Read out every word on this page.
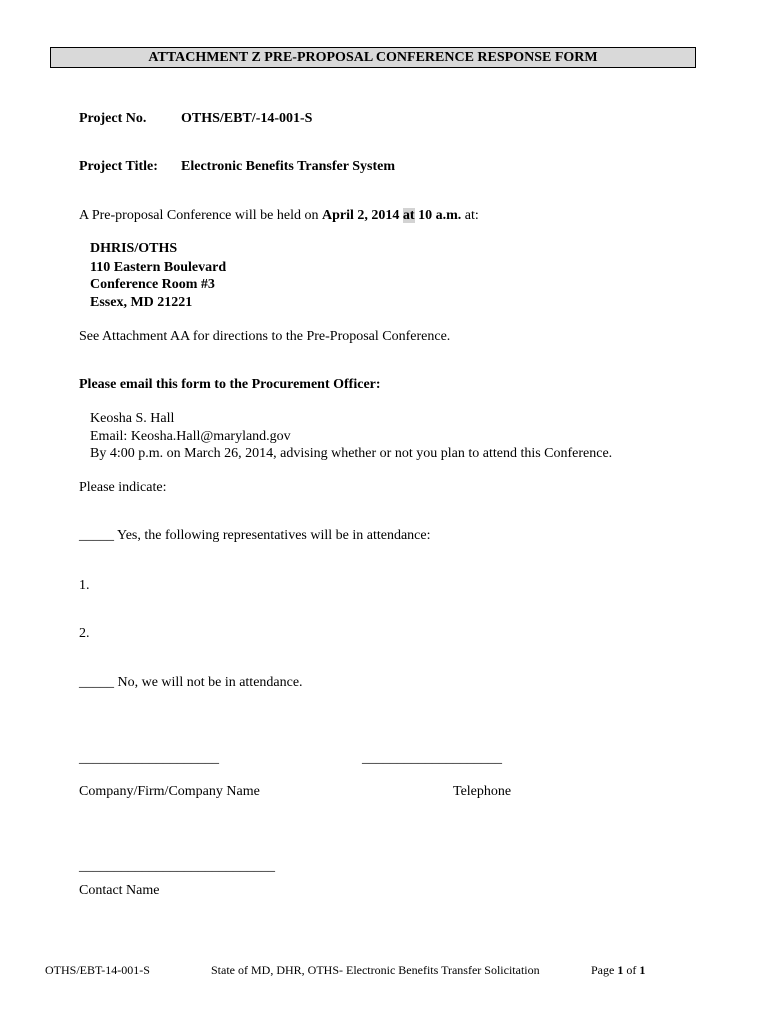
ATTACHMENT Z PRE-PROPOSAL CONFERENCE RESPONSE FORM
Project No. OTHS/EBT/-14-001-S
Project Title: Electronic Benefits Transfer System
A Pre-proposal Conference will be held on April 2, 2014 at 10 a.m. at:
DHRIS/OTHS
110 Eastern Boulevard
Conference Room #3
Essex, MD 21221
See Attachment AA for directions to the Pre-Proposal Conference.
Please email this form to the Procurement Officer:
Keosha S. Hall
Email: Keosha.Hall@maryland.gov
By 4:00 p.m. on March 26, 2014, advising whether or not you plan to attend this Conference.
Please indicate:
_____ Yes, the following representatives will be in attendance:
1.
2.
_____ No, we will not be in attendance.
____________________	____________________
Company/Firm/Company Name	Telephone
____________________________
Contact Name
OTHS/EBT-14-001-S	State of MD, DHR, OTHS- Electronic Benefits Transfer Solicitation	Page 1 of 1
